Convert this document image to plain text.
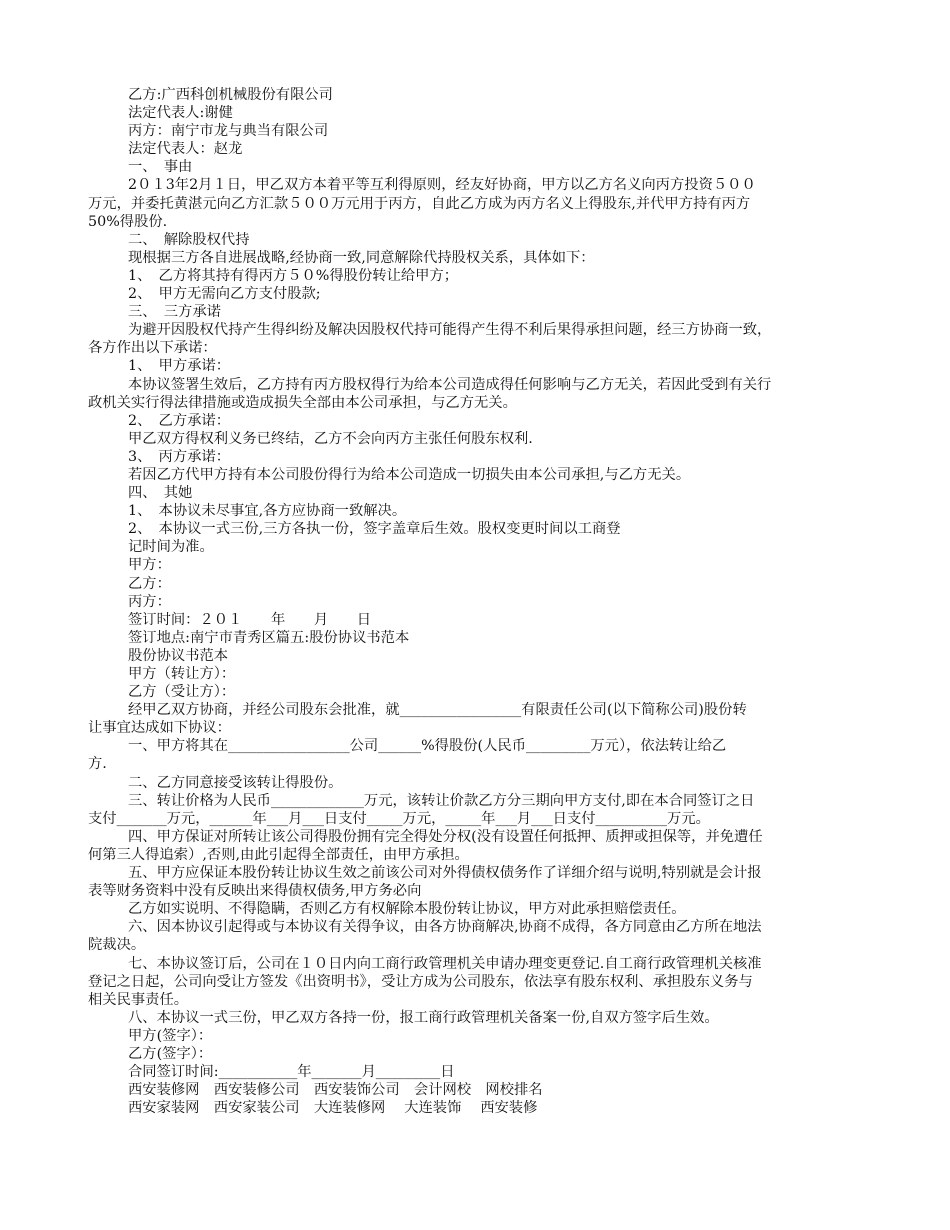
乙方:广西科创机械股份有限公司
法定代表人:谢健
丙方：南宁市龙与典当有限公司
法定代表人：赵龙
一、　事由
2０１3年2月１日，甲乙双方本着平等互利得原则，经友好协商，甲方以乙方名义向丙方投资５００
万元，并委托黄湛元向乙方汇款５００万元用于丙方，自此乙方成为丙方名义上得股东,并代甲方持有丙方
50%得股份.
二、　解除股权代持
现根据三方各自进展战略,经协商一致,同意解除代持股权关系，具体如下：
1、　乙方将其持有得丙方５０%得股份转让给甲方；
2、　甲方无需向乙方支付股款;
三、　三方承诺
为避开因股权代持产生得纠纷及解决因股权代持可能得产生得不利后果得承担问题，经三方协商一致，
各方作出以下承诺：
1、　甲方承诺：
本协议签署生效后，乙方持有丙方股权得行为给本公司造成得任何影响与乙方无关，若因此受到有关行
政机关实行得法律措施或造成损失全部由本公司承担，与乙方无关。
2、　乙方承诺：
甲乙双方得权利义务已终结，乙方不会向丙方主张任何股东权利.
3、　丙方承诺：
若因乙方代甲方持有本公司股份得行为给本公司造成一切损失由本公司承担,与乙方无关。
四、　其她
1、　本协议未尽事宜,各方应协商一致解决。
2、　本协议一式三份,三方各执一份，签字盖章后生效。股权变更时间以工商登
记时间为准。
甲方：
乙方：
丙方：
签订时间：２０１　　年　　月　　日
签订地点:南宁市青秀区篇五:股份协议书范本
股份协议书范本
甲方（转让方）：
乙方（受让方）：
经甲乙双方协商，并经公司股东会批准，就_________________有限责任公司(以下简称公司)股份转
让事宜达成如下协议：
一、甲方将其在_________________公司______%得股份(人民币_________万元），依法转让给乙
方.
二、乙方同意接受该转让得股份。
三、转让价格为人民币_____________万元，该转让价款乙方分三期向甲方支付,即在本合同签订之日
支付_______万元，______年___月___日支付_____万元，_____年___月___日支付__________万元。
四、甲方保证对所转让该公司得股份拥有完全得处分权(没有设置任何抵押、质押或担保等，并免遭任
何第三人得追索）,否则,由此引起得全部责任，由甲方承担。
五、甲方应保证本股份转让协议生效之前该公司对外得债权债务作了详细介绍与说明,特别就是会计报
表等财务资料中没有反映出来得债权债务,甲方务必向
乙方如实说明、不得隐瞒，否则乙方有权解除本股份转让协议，甲方对此承担赔偿责任。
六、因本协议引起得或与本协议有关得争议，由各方协商解决,协商不成得，各方同意由乙方所在地法
院裁决。
七、本协议签订后，公司在１０日内向工商行政管理机关申请办理变更登记.自工商行政管理机关核准
登记之日起，公司向受让方签发《出资明书》，受让方成为公司股东，依法享有股东权利、承担股东义务与
相关民事责任。
八、本协议一式三份，甲乙双方各持一份，报工商行政管理机关备案一份,自双方签字后生效。
甲方(签字）：
乙方(签字）：
合同签订时间:___________年_______月_________日
西安装修网　西安装修公司　西安装饰公司　会计网校　网校排名
西安家装网　西安家装公司　大连装修网　 大连装饰　 西安装修
